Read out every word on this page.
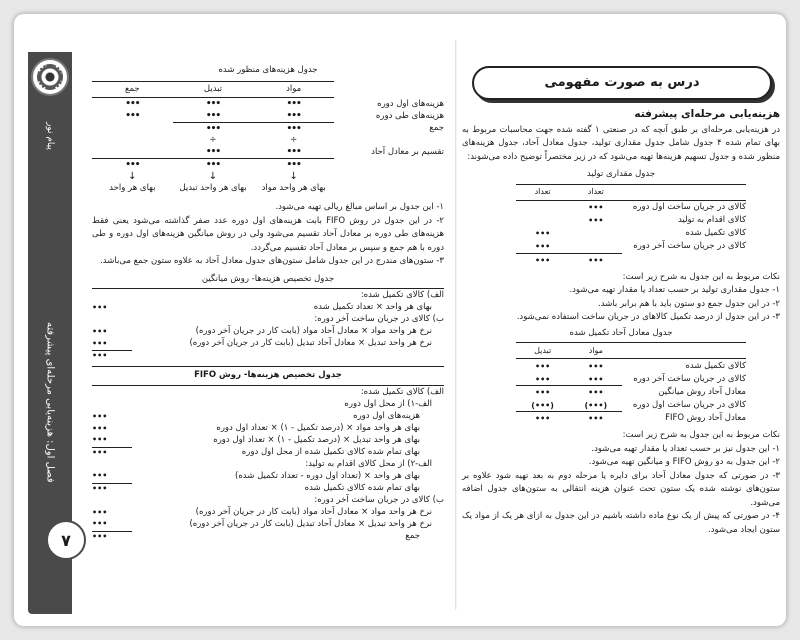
پیام نور
فصل اول: هزینه‌یابی مرحله‌ای پیشرفته
۷
جدول هزینه‌های منظور شده
مواد
تبدیل
جمع
هزینه‌های اول دوره
•••
•••
•••
هزینه‌های طی دوره
•••
•••
•••
جمع
•••
•••
÷
÷
تقسیم بر معادل آحاد
•••
•••
•••
•••
•••
↓
↓
↓
بهای هر واحد مواد
بهای هر واحد تبدیل
بهای هر واحد
۱- این جدول بر اساس مبالغ ریالی تهیه می‌شود.
۲- در این جدول در روش FIFO بابت هزینه‌های اول دوره عدد صفر گذاشته می‌شود یعنی فقط هزینه‌های طی دوره بر معادل آحاد تقسیم می‌شود ولی در روش میانگین هزینه‌های اول دوره و طی دوره با هم جمع و سپس بر معادل آحاد تقسیم می‌گردد.
۳- ستون‌های مندرج در این جدول شامل ستون‌های جدول معادل آحاد به علاوه ستون جمع می‌باشد.
جدول تخصیص هزینه‌ها- روش میانگین
الف) کالای تکمیل شده:
بهای هر واحد × تعداد تکمیل شده
•••
ب) کالای در جریان ساخت آخر دوره:
نرخ هر واحد مواد × معادل آحاد مواد (بابت کار در جریان آخر دوره)
•••
نرخ هر واحد تبدیل × معادل آحاد تبدیل (بابت کار در جریان آخر دوره)
•••
•••
جدول تخصیص هزینه‌ها- روش FIFO
الف) کالای تکمیل شده:
الف-۱) از محل اول دوره
هزینه‌های اول دوره
•••
بهای هر واحد مواد × (درصد تکمیل - ۱) × تعداد اول دوره
•••
بهای هر واحد تبدیل × (درصد تکمیل - ۱) × تعداد اول دوره
•••
بهای تمام شده کالای تکمیل شده از محل اول دوره
•••
الف-۲) از محل کالای اقدام به تولید:
بهای هر واحد × (تعداد اول دوره - تعداد تکمیل شده)
•••
بهای تمام شده کالای تکمیل شده
•••
ب) کالای در جریان ساخت آخر دوره:
نرخ هر واحد مواد × معادل آحاد مواد (بابت کار در جریان آخر دوره)
•••
نرخ هر واحد تبدیل × معادل آحاد تبدیل (بابت کار در جریان آخر دوره)
•••
جمع
•••
درس به صورت مفهومی
هزینه‌یابی مرحله‌ای پیشرفته
در هزینه‌یابی مرحله‌ای بر طبق آنچه که در صنعتی ۱ گفته شده جهت محاسبات مربوط به بهای تمام شده ۴ جدول شامل جدول مقداری تولید، جدول معادل آحاد، جدول هزینه‌های منظور شده و جدول تسهیم هزینه‌ها تهیه می‌شود که در زیر مختصراً توضیح داده می‌شوند:
جدول مقداری تولید
تعداد
تعداد
کالای در جریان ساخت اول دوره
•••
کالای اقدام به تولید
•••
کالای تکمیل شده
•••
کالای در جریان ساخت آخر دوره
•••
•••
•••
نکات مربوط به این جدول به شرح زیر است:
۱- جدول مقداری تولید بر حسب تعداد یا مقدار تهیه می‌شود.
۲- در این جدول جمع دو ستون باید با هم برابر باشد.
۳- در این جدول از درصد تکمیل کالاهای در جریان ساخت استفاده نمی‌شود.
جدول معادل آحاد تکمیل شده
مواد
تبدیل
کالای تکمیل شده
•••
•••
کالای در جریان ساخت آخر دوره
•••
•••
معادل آحاد روش میانگین
•••
•••
کالای در جریان ساخت اول دوره
(•••)
(•••)
معادل آحاد روش FIFO
•••
•••
نکات مربوط به این جدول به شرح زیر است:
۱- این جدول نیز بر حسب تعداد یا مقدار تهیه می‌شود.
۲- این جدول به دو روش FIFO و میانگین تهیه می‌شود.
۳- در صورتی که جدول معادل آحاد برای دایره یا مرحله دوم به بعد تهیه شود علاوه بر ستون‌های نوشته شده یک ستون تحت عنوان هزینه انتقالی به ستون‌های جدول اضافه می‌شود.
۴- در صورتی که پیش از یک نوع ماده داشته باشیم در این جدول به ازای هر یک از مواد یک ستون ایجاد می‌شود.
